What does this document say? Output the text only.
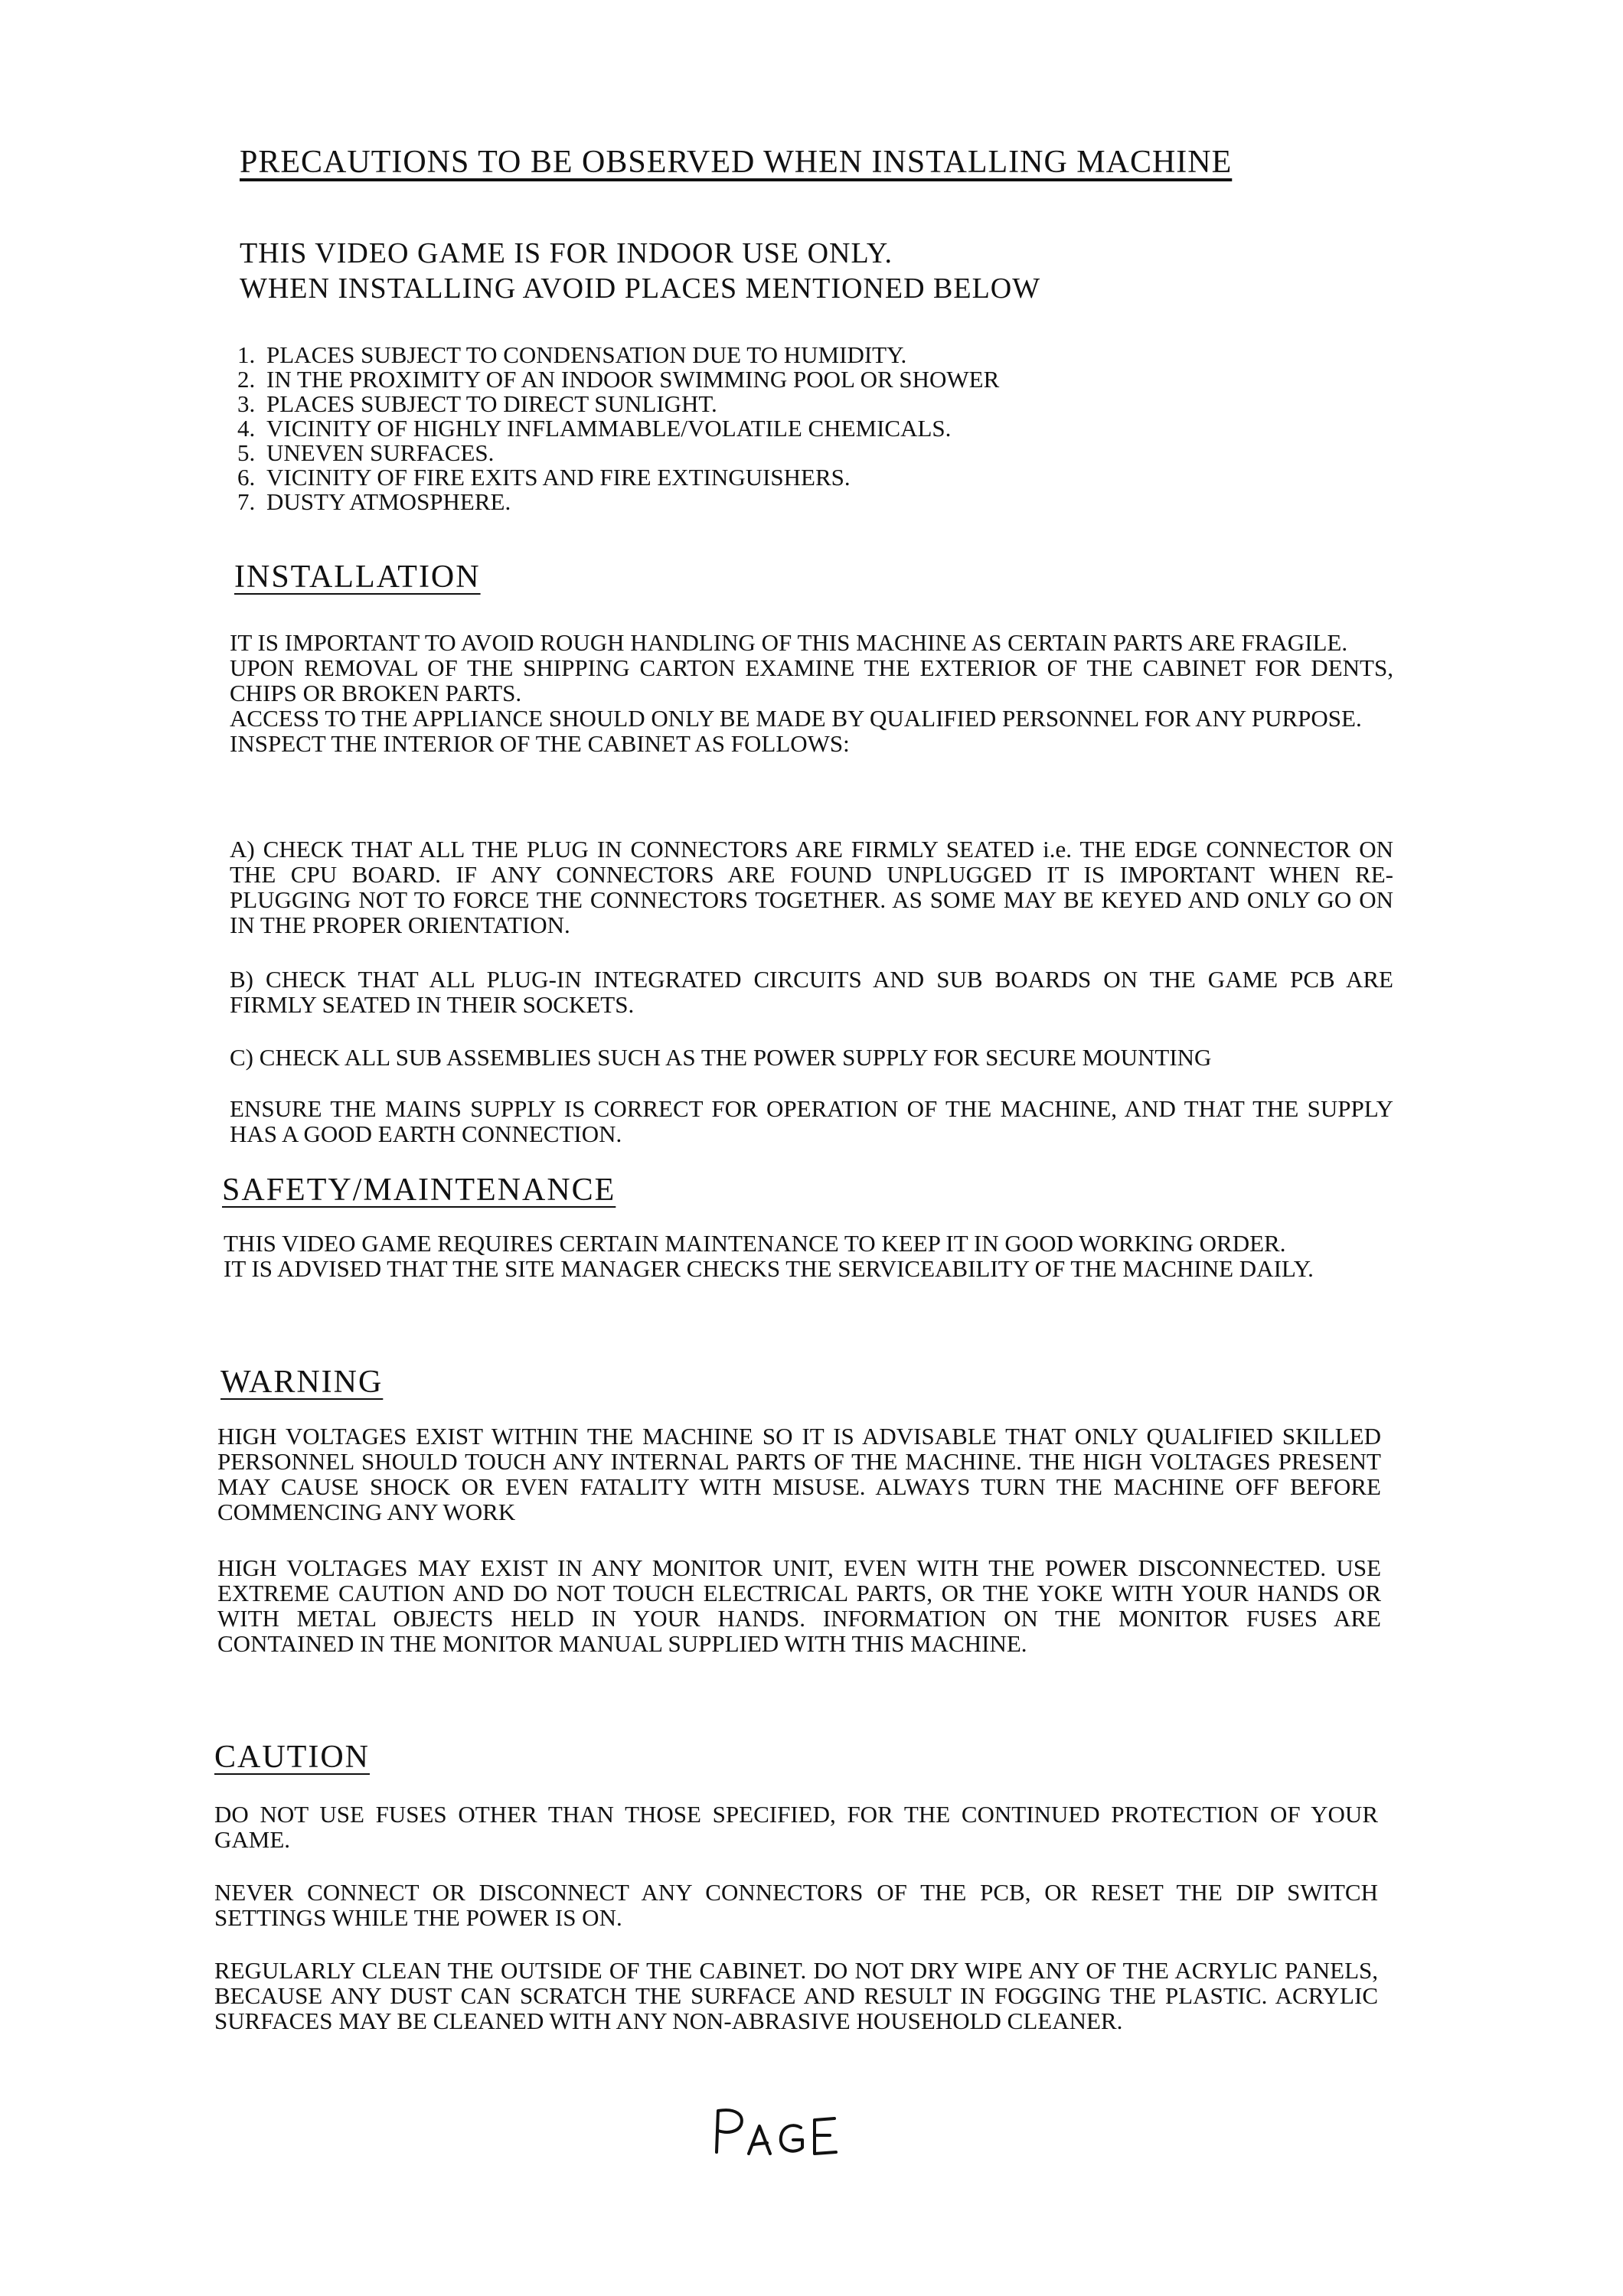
PRECAUTIONS TO BE OBSERVED WHEN INSTALLING MACHINE
THIS VIDEO GAME IS FOR INDOOR USE ONLY.
WHEN INSTALLING AVOID PLACES MENTIONED BELOW
1. PLACES SUBJECT TO CONDENSATION DUE TO HUMIDITY.
2. IN THE PROXIMITY OF AN INDOOR SWIMMING POOL OR SHOWER
3. PLACES SUBJECT TO DIRECT SUNLIGHT.
4. VICINITY OF HIGHLY INFLAMMABLE/VOLATILE CHEMICALS.
5. UNEVEN SURFACES.
6. VICINITY OF FIRE EXITS AND FIRE EXTINGUISHERS.
7. DUSTY ATMOSPHERE.
INSTALLATION

IT IS IMPORTANT TO AVOID ROUGH HANDLING OF THIS MACHINE AS CERTAIN PARTS ARE FRAGILE.

UPON REMOVAL OF THE SHIPPING CARTON EXAMINE THE EXTERIOR OF THE CABINET FOR DENTS, CHIPS OR BROKEN PARTS.

ACCESS TO THE APPLIANCE SHOULD ONLY BE MADE BY QUALIFIED PERSONNEL FOR ANY PURPOSE.

INSPECT THE INTERIOR OF THE CABINET AS FOLLOWS:

A) CHECK THAT ALL THE PLUG IN CONNECTORS ARE FIRMLY SEATED i.e. THE EDGE CONNECTOR ON THE CPU BOARD. IF ANY CONNECTORS ARE FOUND UNPLUGGED IT IS IMPORTANT WHEN RE-PLUGGING NOT TO FORCE THE CONNECTORS TOGETHER. AS SOME MAY BE KEYED AND ONLY GO ON IN THE PROPER ORIENTATION.

B) CHECK THAT ALL PLUG-IN INTEGRATED CIRCUITS AND SUB BOARDS ON THE GAME PCB ARE FIRMLY SEATED IN THEIR SOCKETS.

C) CHECK ALL SUB ASSEMBLIES SUCH AS THE POWER SUPPLY FOR SECURE MOUNTING

ENSURE THE MAINS SUPPLY IS CORRECT FOR OPERATION OF THE MACHINE, AND THAT THE SUPPLY HAS A GOOD EARTH CONNECTION.

SAFETY/MAINTENANCE

THIS VIDEO GAME REQUIRES CERTAIN MAINTENANCE TO KEEP IT IN GOOD WORKING ORDER.

IT IS ADVISED THAT THE SITE MANAGER CHECKS THE SERVICEABILITY OF THE MACHINE DAILY.

WARNING

HIGH VOLTAGES EXIST WITHIN THE MACHINE SO IT IS ADVISABLE THAT ONLY QUALIFIED SKILLED PERSONNEL SHOULD TOUCH ANY INTERNAL PARTS OF THE MACHINE. THE HIGH VOLTAGES PRESENT MAY CAUSE SHOCK OR EVEN FATALITY WITH MISUSE. ALWAYS TURN THE MACHINE OFF BEFORE COMMENCING ANY WORK

HIGH VOLTAGES MAY EXIST IN ANY MONITOR UNIT, EVEN WITH THE POWER DISCONNECTED. USE EXTREME CAUTION AND DO NOT TOUCH ELECTRICAL PARTS, OR THE YOKE WITH YOUR HANDS OR WITH METAL OBJECTS HELD IN YOUR HANDS. INFORMATION ON THE MONITOR FUSES ARE CONTAINED IN THE MONITOR MANUAL SUPPLIED WITH THIS MACHINE.

CAUTION

DO NOT USE FUSES OTHER THAN THOSE SPECIFIED, FOR THE CONTINUED PROTECTION OF YOUR GAME.

NEVER CONNECT OR DISCONNECT ANY CONNECTORS OF THE PCB, OR RESET THE DIP SWITCH SETTINGS WHILE THE POWER IS ON.

REGULARLY CLEAN THE OUTSIDE OF THE CABINET. DO NOT DRY WIPE ANY OF THE ACRYLIC PANELS, BECAUSE ANY DUST CAN SCRATCH THE SURFACE AND RESULT IN FOGGING THE PLASTIC. ACRYLIC SURFACES MAY BE CLEANED WITH ANY NON-ABRASIVE HOUSEHOLD CLEANER.
